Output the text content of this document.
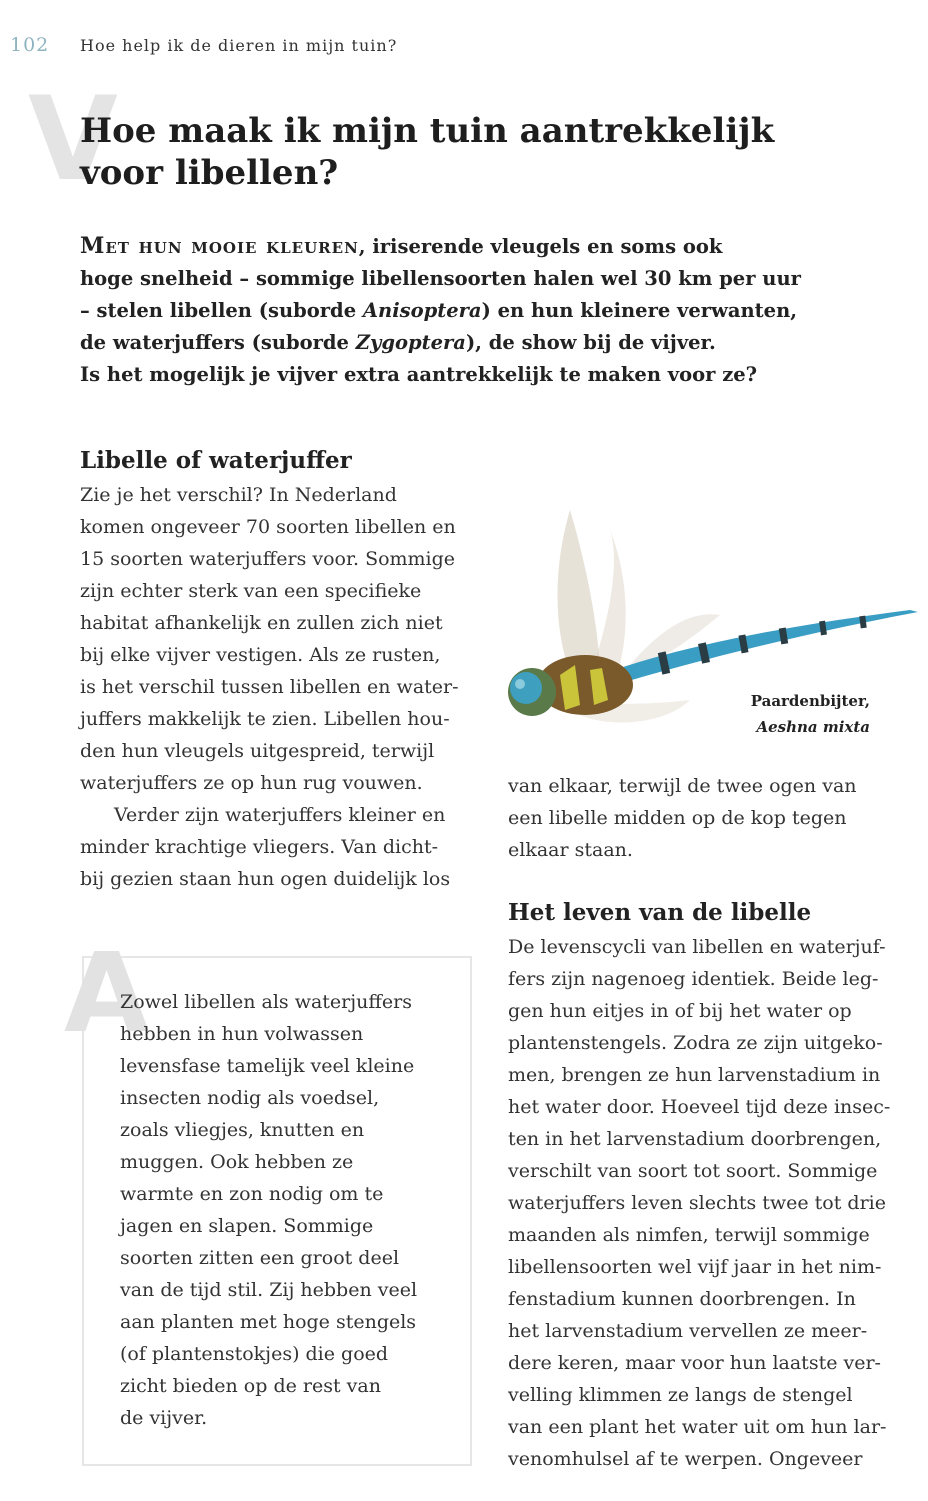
102 Hoe help ik de dieren in mijn tuin?
V
Hoe maak ik mijn tuin aantrekkelijk
voor libellen?

Met hun mooie kleuren, iriserende vleugels en soms ook
hoge snelheid – sommige libellensoorten halen wel 30 km per uur
– stelen libellen (suborde Anisoptera) en hun kleinere verwanten,
de waterjuffers (suborde Zygoptera), de show bij de vijver.
Is het mogelijk je vijver extra aantrekkelijk te maken voor ze?

Libelle of waterjuffer

Zie je het verschil? In Nederland
komen ongeveer 70 soorten libellen en
15 soorten waterjuffers voor. Sommige
zijn echter sterk van een specifieke
habitat afhankelijk en zullen zich niet
bij elke vijver vestigen. Als ze rusten,
is het verschil tussen libellen en water-
juffers makkelijk te zien. Libellen hou-
den hun vleugels uitgespreid, terwijl
waterjuffers ze op hun rug vouwen.

Verder zijn waterjuffers kleiner en
minder krachtige vliegers. Van dicht-
bij gezien staan hun ogen duidelijk los

Paardenbijter,
Aeshna mixta

van elkaar, terwijl de twee ogen van
een libelle midden op de kop tegen
elkaar staan.

Het leven van de libelle

De levenscycli van libellen en waterjuf-
fers zijn nagenoeg identiek. Beide leg-
gen hun eitjes in of bij het water op
plantenstengels. Zodra ze zijn uitgeko-
men, brengen ze hun larvenstadium in
het water door. Hoeveel tijd deze insec-
ten in het larvenstadium doorbrengen,
verschilt van soort tot soort. Sommige
waterjuffers leven slechts twee tot drie
maanden als nimfen, terwijl sommige
libellensoorten wel vijf jaar in het nim-
fenstadium kunnen doorbrengen. In
het larvenstadium vervellen ze meer-
dere keren, maar voor hun laatste ver-
velling klimmen ze langs de stengel
van een plant het water uit om hun lar-
venomhulsel af te werpen. Ongeveer

A

Zowel libellen als waterjuffers
hebben in hun volwassen
levensfase tamelijk veel kleine
insecten nodig als voedsel,
zoals vliegjes, knutten en
muggen. Ook hebben ze
warmte en zon nodig om te
jagen en slapen. Sommige
soorten zitten een groot deel
van de tijd stil. Zij hebben veel
aan planten met hoge stengels
(of plantenstokjes) die goed
zicht bieden op de rest van
de vijver.
